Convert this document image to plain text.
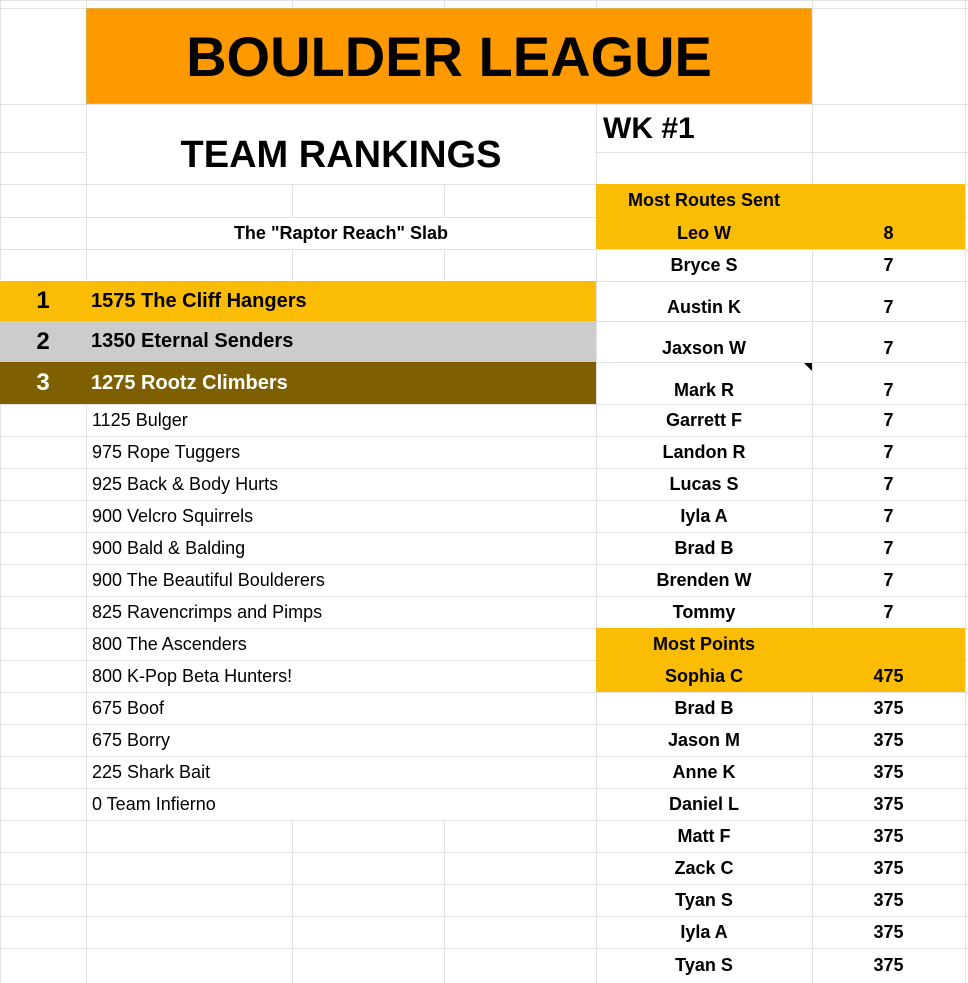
BOULDER LEAGUE
TEAM RANKINGS
WK #1
The "Raptor Reach" Slab
1	1575 The Cliff Hangers
2	1350 Eternal Senders
3	1275 Rootz Climbers
1125 Bulger
975 Rope Tuggers
925 Back & Body Hurts
900 Velcro Squirrels
900 Bald & Balding
900 The Beautiful Boulderers
825 Ravencrimps and Pimps
800 The Ascenders
800 K-Pop Beta Hunters!
675 Boof
675 Borry
225 Shark Bait
0 Team Infierno
Most Routes Sent
Leo W	8
Bryce S	7
Austin K	7
Jaxson W	7
Mark R	7
Garrett F	7
Landon R	7
Lucas S	7
Iyla A	7
Brad B	7
Brenden W	7
Tommy	7
Most Points
Sophia C	475
Brad B	375
Jason M	375
Anne K	375
Daniel L	375
Matt F	375
Zack C	375
Tyan S	375
Iyla A	375
Tyan S	375
